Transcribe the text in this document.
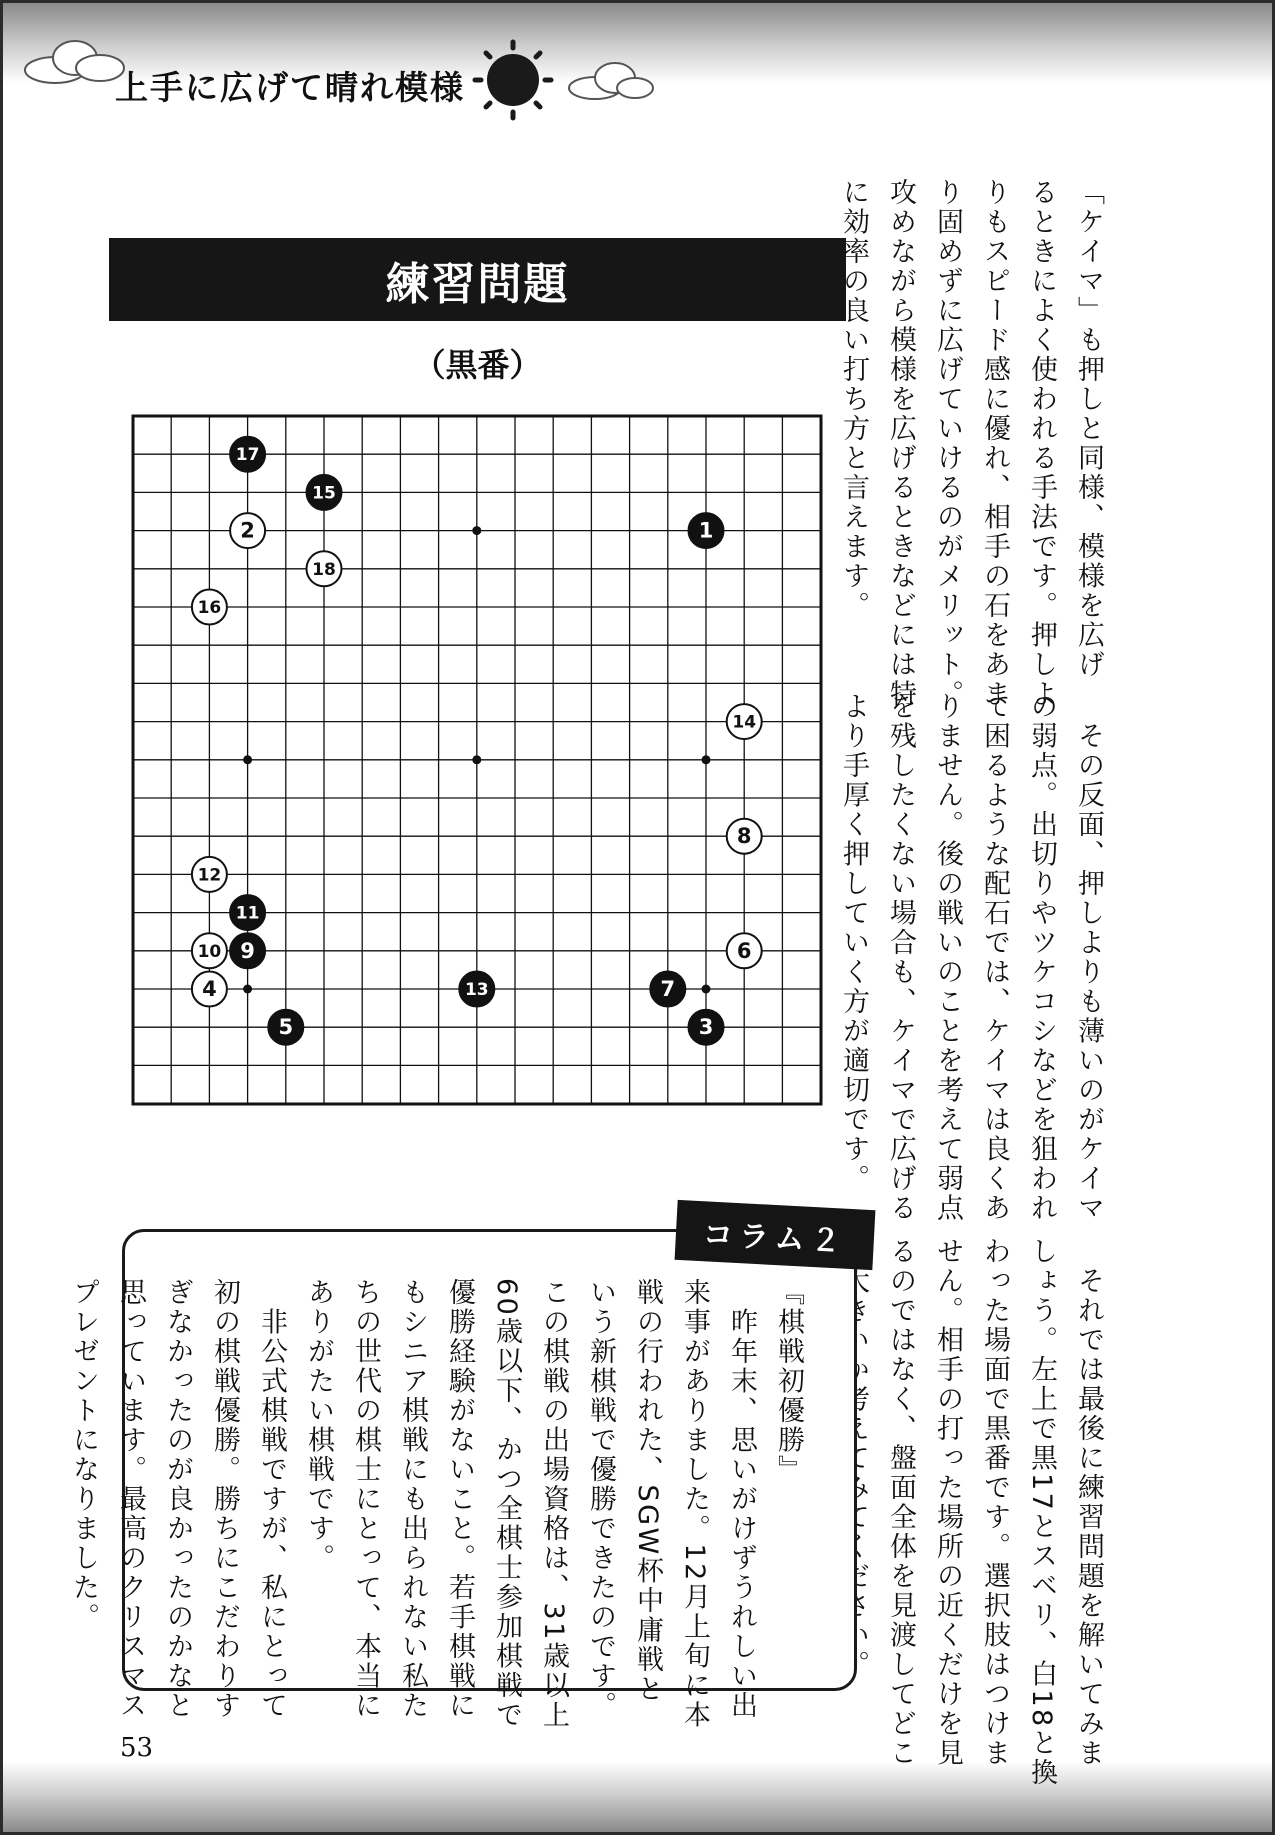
上手に広げて晴れ模様
練習問題
（黒番）
1
2
3
4
5
6
7
8
9
10
11
12
13
14
15
16
17
18	「ケイマ」も押しと同様、模様を広げ
るときによく使われる手法です。押しよ
りもスピード感に優れ、相手の石をあま
り固めずに広げていけるのがメリット。
攻めながら模様を広げるときなどには特
に効率の良い打ち方と言えます。
　その反面、押しよりも薄いのがケイマ
の弱点。出切りやツケコシなどを狙われ
て困るような配石では、ケイマは良くあ
りません。後の戦いのことを考えて弱点
を残したくない場合も、ケイマで広げる
より手厚く押していく方が適切です。
　それでは最後に練習問題を解いてみま
しょう。左上で黒17とスベリ、白18と換
わった場面で黒番です。選択肢はつけま
せん。相手の打った場所の近くだけを見
るのではなく、盤面全体を見渡してどこ
『棋戦初優勝』
　昨年末、思いがけずうれしい出
来事がありました。12月上旬に本
戦の行われた、SGW杯中庸戦と
いう新棋戦で優勝できたのです。
この棋戦の出場資格は、31歳以上
60歳以下、かつ全棋士参加棋戦で
優勝経験がないこと。若手棋戦に
もシニア棋戦にも出られない私た
ちの世代の棋士にとって、本当に
ありがたい棋戦です。
　非公式棋戦ですが、私にとって
初の棋戦優勝。勝ちにこだわりす
ぎなかったのが良かったのかなと
思っています。最高のクリスマス
プレゼントになりました。
コラム２
53
